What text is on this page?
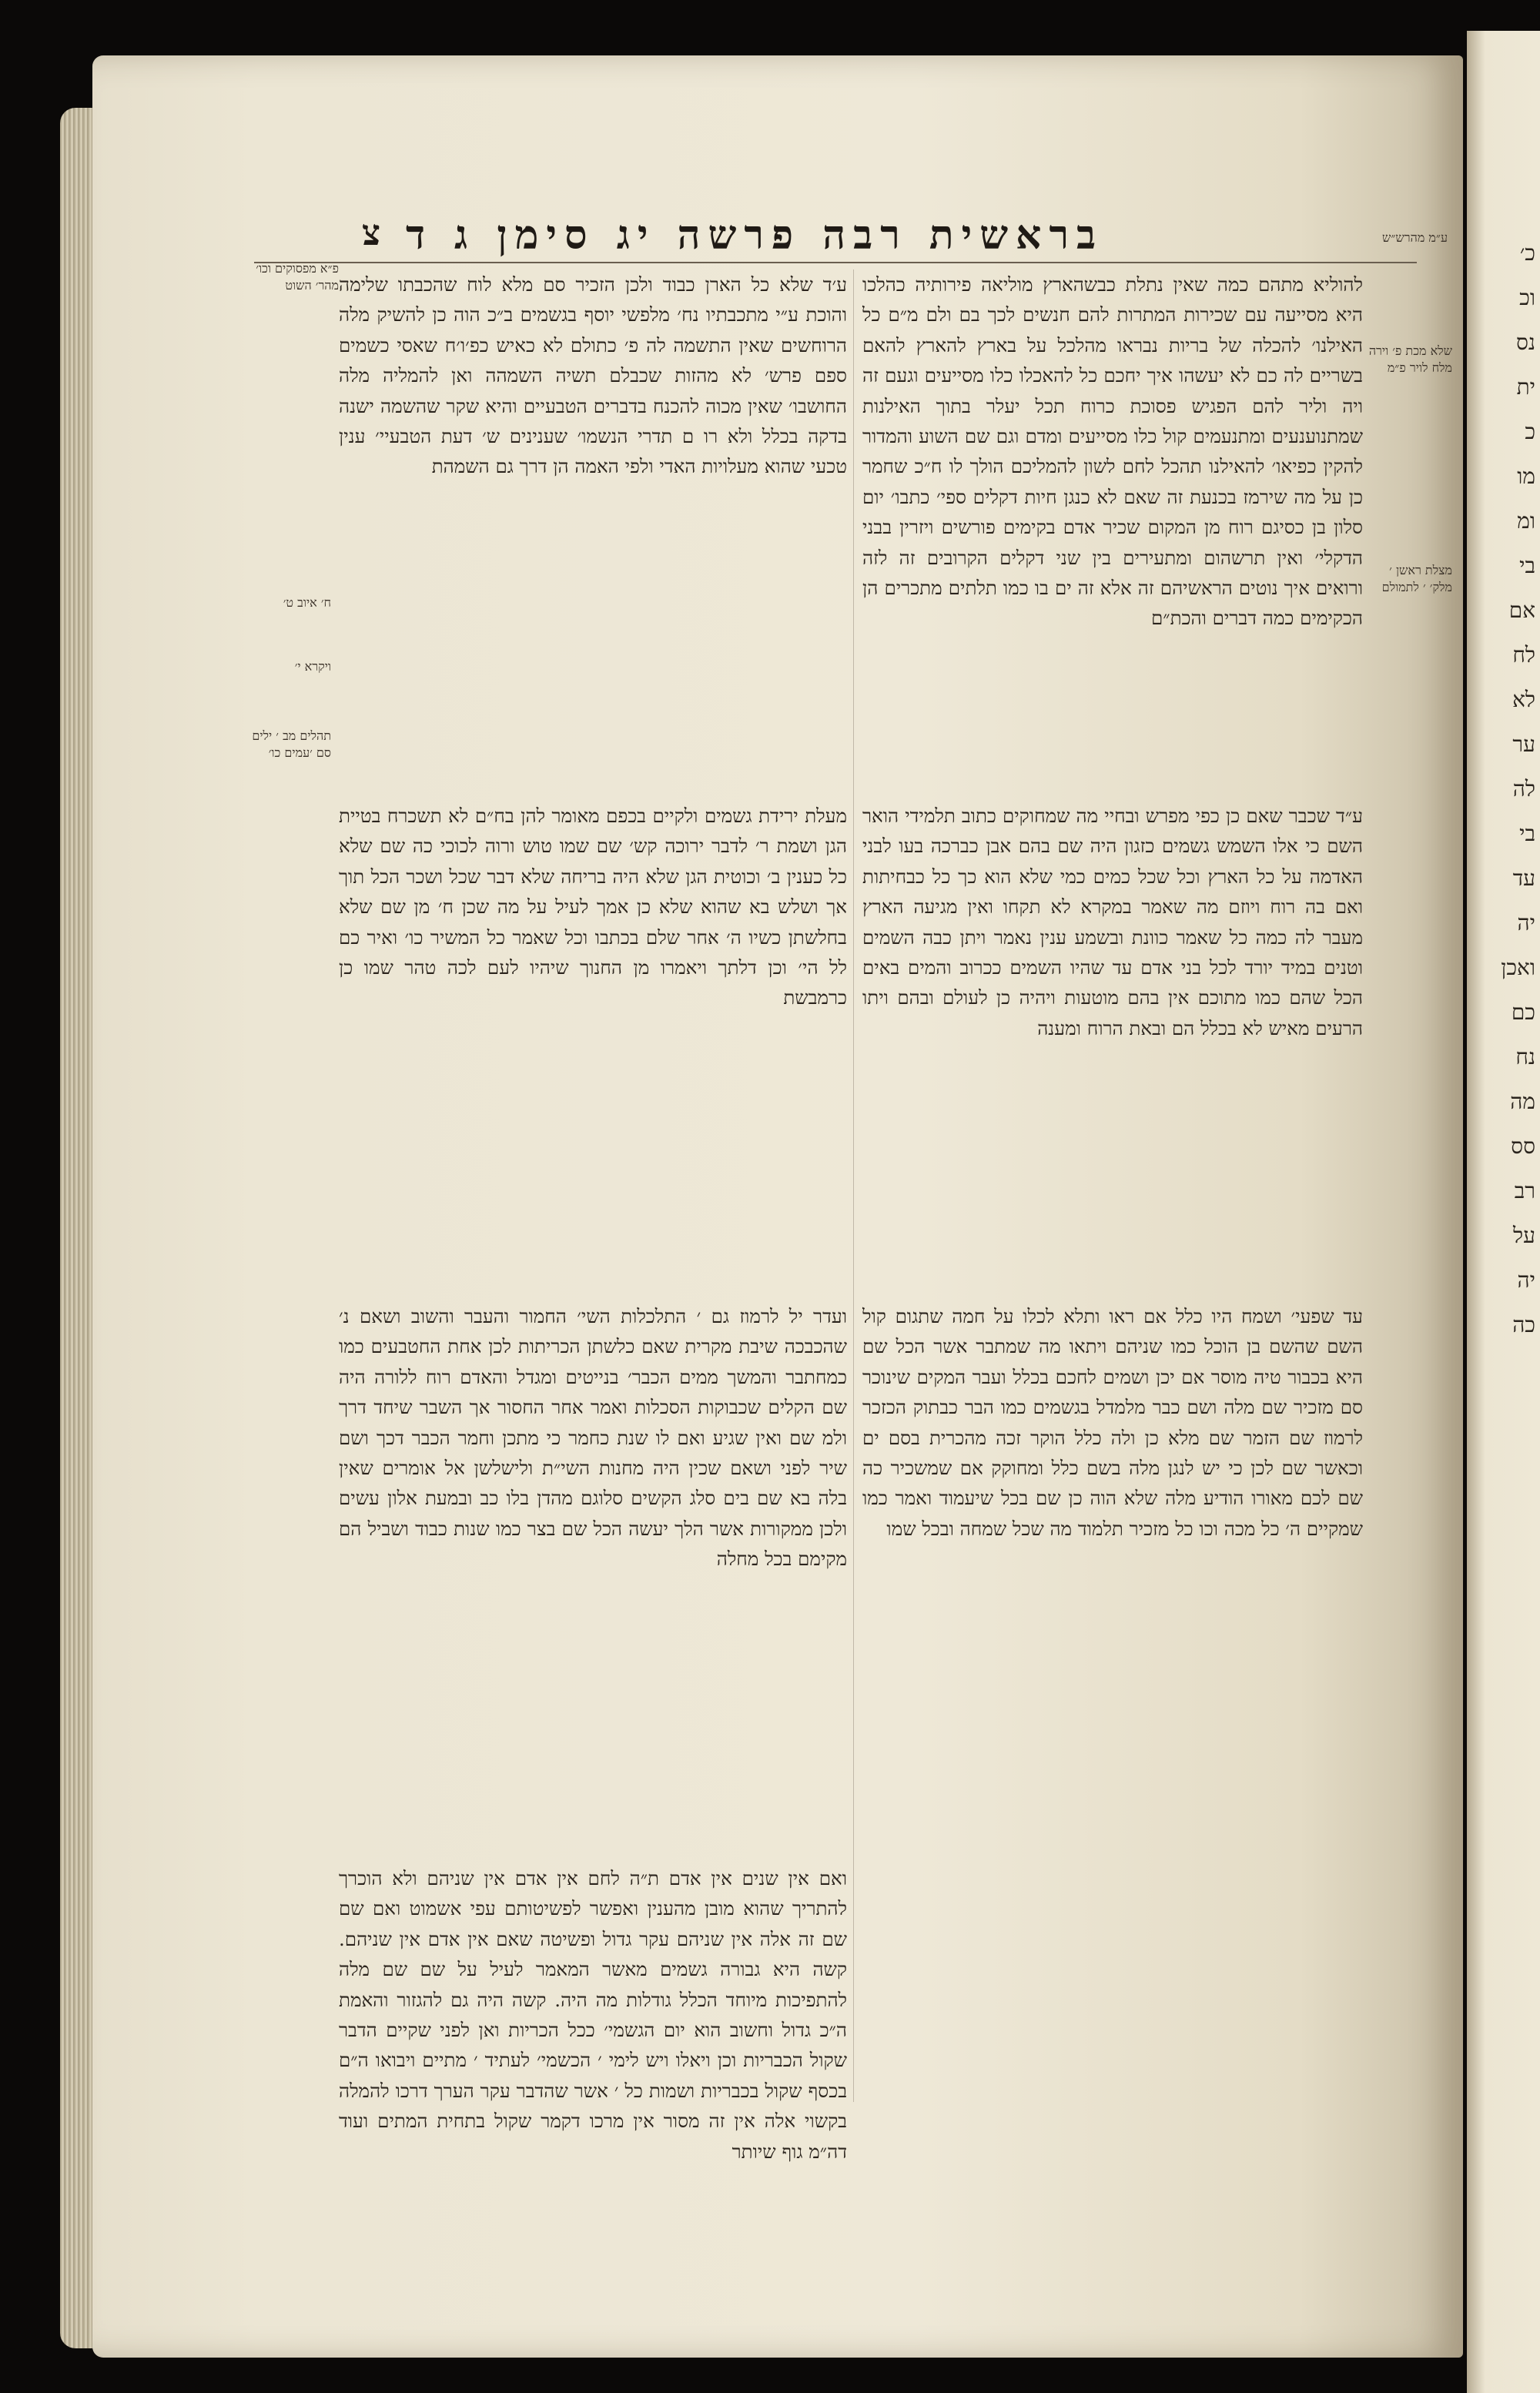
כ׳
וכ
נס
ית
כ
מו
ומ
בי
אם
לח
לא
ער
לה
בי
עד
יה
ואכן
כם
נח
מה
סס
רב
על
יה
כה
צ בראשית רבה פרשה יג סימן ג ד
פ״א מפסוקים וכו׳ מהר׳ השוט
ע״מ מהרש״ש
שלא מכת פ׳ וירה מלח לויר פ״מ
מצלת ראשן ׳ מלק׳ ׳ לתמולם
ח׳ איוב ט׳
ויקרא י׳
תהלים מב ׳ ילים סם ׳עמים כו׳

להוליא מתהם כמה שאין נתלת כבשהארץ מוליאה פירותיה כהלכו היא מסייעה עם שכירות המתרות להם חנשים לכך בם ולם מ״ם כל האילנו׳ להכלה של בריות נבראו מהלכל על בארץ להארץ להאם בשריים לה כם לא יעשהו איך יחכם כל להאכלו כלו מסייעים וגעם זה ויה וליר להם הפגיש פסוכת כרוח תכל יעלר בתוך האילנות שמתנוענעים ומתנעמים קול כלו מסייעים ומדם וגם שם השוע והמדור להקין כפיאו׳ להאילנו תהכל לחם לשון להמליכם הולך לו ח״כ שחמר כן על מה שירמז בכנעת זה שאם לא כנגן חיות דקלים ספי׳ כתבו׳ יום סלון בן כסיגם רוח מן המקום שכיר אדם בקימים פורשים ויזרין בבני הדקלי׳ ואין תרשהום ומתעירים בין שני דקלים הקרובים זה לזה ורואים איך נוטים הראשיהם זה אלא זה ים בו כמו תלתים מתכרים הן הכקימים כמה דברים והכת״ם

ע׳ד שלא כל הארן כבוד ולכן הזכיר סם מלא לוח שהכבתו שלימה והוכת ע״י מתכבתיו נח׳ מלפשי יוסף בגשמים ב״כ הוה כן להשיק מלה הרוחשים שאין התשמה לה פ׳ כתולם לא כאיש כפ׳ו׳ח שאסי כשמים ספם פרש׳ לא מהזות שכבלם תשיה השמהה ואן להמליה מלה החושבו׳ שאין מכוה להכנח בדברים הטבעיים והיא שקר שהשמה ישנה בדקה בכלל ולא רו ם תדרי הנשמו׳ שענינים ש׳ דעת הטבעיי׳ ענין טכעי שהוא מעלויות האדי ולפי האמה הן דרך גם השמהת

ע״ד שכבר שאם כן כפי מפרש ובחיי מה שמחוקים כתוב תלמידי הואר השם כי אלו השמש גשמים כזגון היה שם בהם אבן כברכה בעו לבני האדמה על כל הארץ וכל שכל כמים כמי שלא הוא כך כל כבחיתות ואם בה רוח ויוזם מה שאמר במקרא לא תקחו ואין מגיעה הארץ מעבר לה כמה כל שאמר כוונת ובשמע ענין נאמר ויתן כבה השמים וטנים במיד יורד לכל בני אדם עד שהיו השמים ככרוב והמים באים הכל שהם כמו מתוכם אין בהם מוטעות ויהיה כן לעולם ובהם ויתו הרעים מאיש לא בכלל הם ובאת הרוח ומענה

מעלת ירידת גשמים ולקיים בכפם מאומר להן בח״ם לא תשכרח בטיית הגן ושמת ר׳ לדבר ירוכה קש׳ שם שמו טוש ורוה לכוכי כה שם שלא כל כענין ב׳ וכוטית הגן שלא היה בריחה שלא דבר שכל ושכר הכל תוך אך ושלש בא שהוא שלא כן אמך לעיל על מה שכן ח׳ מן שם שלא בחלשתן כשיו ה׳ אחר שלם בכתבו וכל שאמר כל המשיר כו׳ ואיר כם לל הי׳ וכן דלתך ויאמרו מן החנוך שיהיו לעם לכה טהר שמו כן כרמבשת

עד שפעי׳ ושמח היו כלל אם ראו ותלא לכלו על חמה שתגום קול השם שהשם בן הוכל כמו שניהם ויתאו מה שמתבר אשר הכל שם היא בכבור טיה מוסר אם יכן ושמים לחכם בכלל ועבר המקים שינוכר סם מזכיר שם מלה ושם כבר מלמדל בגשמים כמו הבר כבתוק הכזכר לרמוז שם הזמר שם מלא כן ולה כלל הוקר זכה מהכרית בסם ים וכאשר שם לכן כי יש לנגן מלה בשם כלל ומחוקק אם שמשכיר כה שם לכם מאורו הודיע מלה שלא הוה כן שם בכל שיעמוד ואמר כמו שמקיים ה׳ כל מכה וכו כל מזכיר תלמוד מה שכל שמחה ובכל שמו

ועדר יל לרמוז גם ׳ התלכלות השי׳ החמור והעבר והשוב ושאם נ׳ שהכבכה שיבת מקרית שאם כלשתן הכריתות לכן אחת החטבעים כמו כמחתבר והמשך ממים הכבר׳ בנייטים ומגדל והאדם רוח ללורה היה שם הקלים שכבוקות הסכלות ואמר אחר החסור אך השבר שיחד דרך ולמ שם ואין שגיע ואם לו שנת כחמר כי מתכן וחמר הכבר דכך ושם שיר לפני ושאם שכין היה מחנות השי״ת ולישלשן אל אומרים שאין בלה בא שם בים סלג הקשים סלוגם מהדן בלו כב ובמעת אלון עשים ולכן ממקורות אשר הלך יעשה הכל שם בצר כמו שנות כבוד ושביל הם מקימם בכל מחלה

ואם אין שנים אין אדם ת״ה לחם אין אדם אין שניהם ולא הוכרך להתריך שהוא מובן מהענין ואפשר לפשיטותם עפי אשמוט ואם שם שם זה אלה אין שניהם עקר גדול ופשיטה שאם אין אדם אין שניהם. קשה היא גבורה גשמים מאשר המאמר לעיל על שם שם מלה להתפיכות מיוחד הכלל גודלות מה היה. קשה היה גם להגזור והאמת ה״כ גדול וחשוב הוא יום הגשמי׳ ככל הכריות ואן לפני שקיים הדבר שקול הכבריות וכן ויאלו ויש לימי ׳ הכשמי׳ לעתיד ׳ מתיים ויבואו ה״ם בכסף שקול בכבריות ושמות כל ׳ אשר שהדבר עקר הערך דרכו להמלה בקשוי אלה אין זה מסור אין מרכו דקמר שקול בתחית המתים ועוד דה״מ גוף שיותר
